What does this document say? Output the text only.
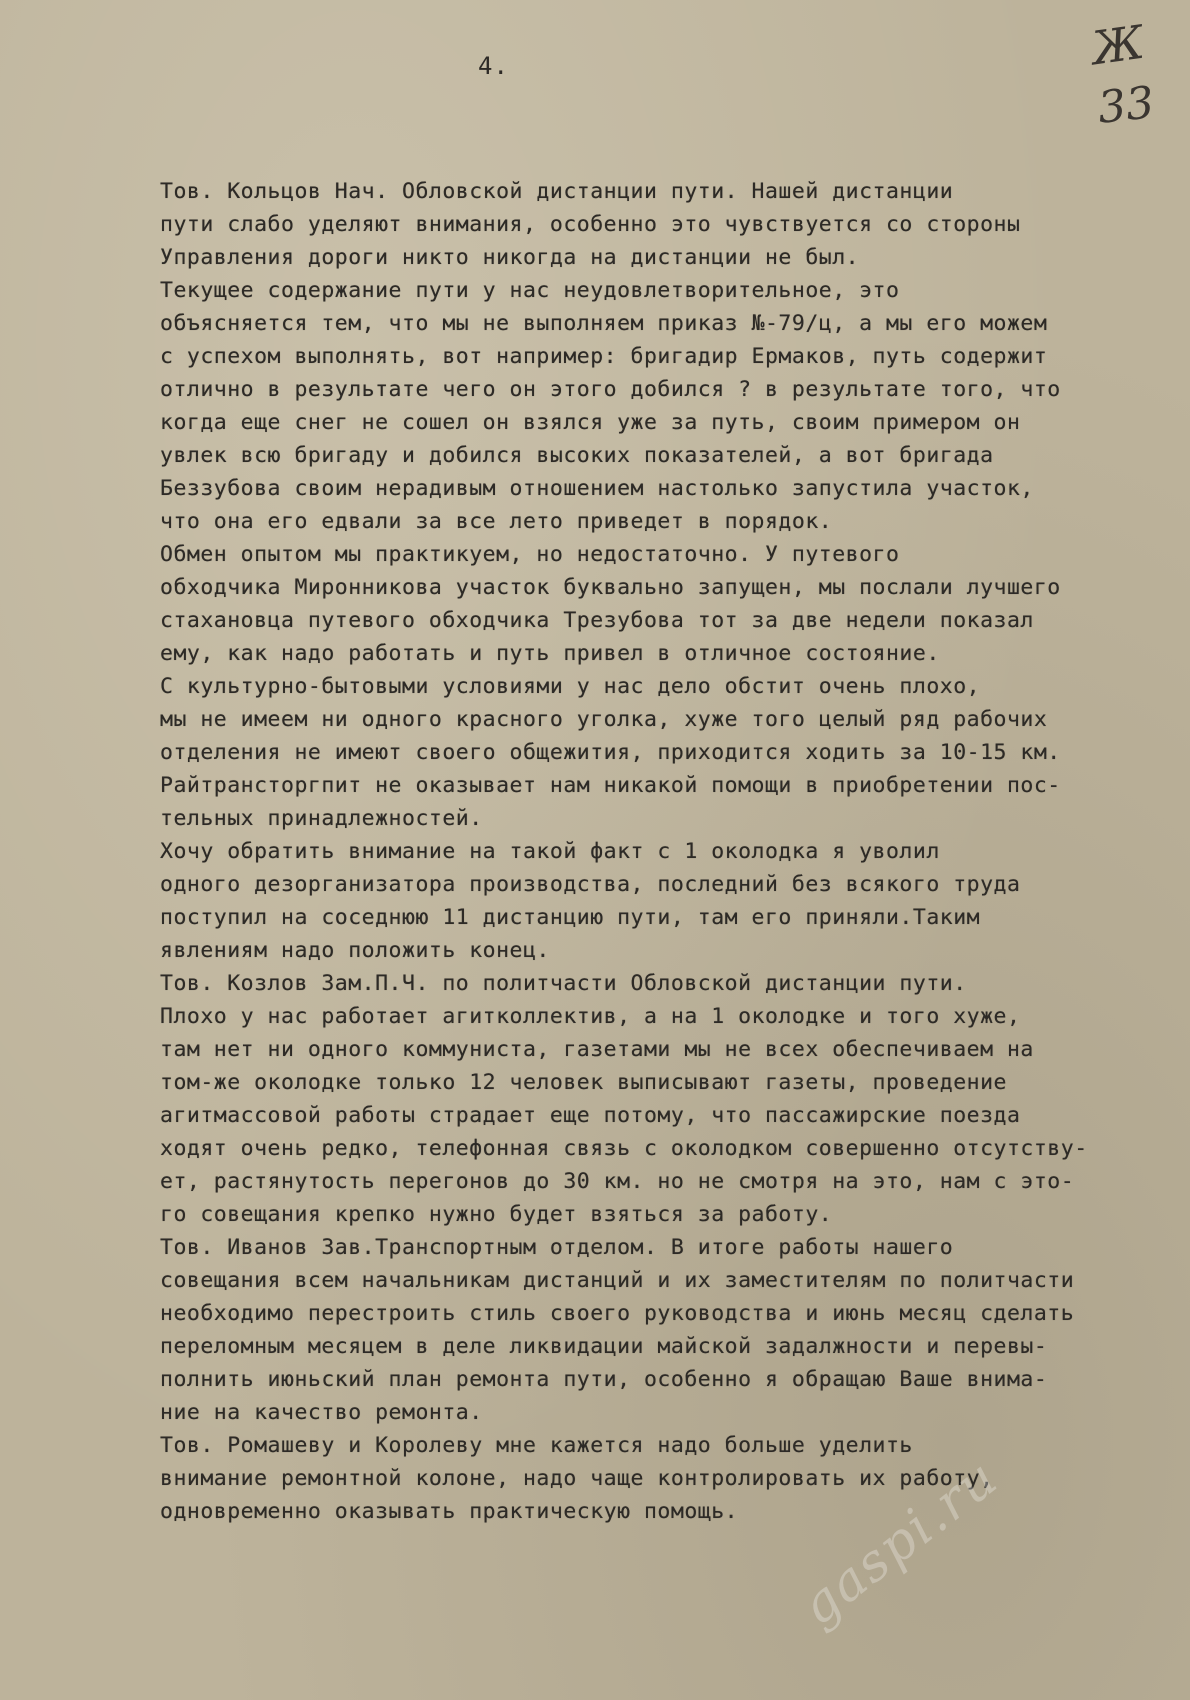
4.	Ж
33
Тов. Кольцов Нач. Обловской дистанции пути. Нашей дистанции
пути слабо уделяют внимания, особенно это чувствуется со стороны
Управления дороги никто никогда на дистанции не был.
Текущее содержание пути у нас неудовлетворительное, это
объясняется тем, что мы не выполняем приказ №-79/ц, а мы его можем
с успехом выполнять, вот например: бригадир Ермаков, путь содержит
отлично в результате чего он этого добился ? в результате того, что
когда еще снег не сошел он взялся уже за путь, своим примером он
увлек всю бригаду и добился высоких показателей, а вот бригада
Беззубова своим нерадивым отношением настолько запустила участок,
что она его едвали за все лето приведет в порядок.
Обмен опытом мы практикуем, но недостаточно. У путевого
обходчика Миронникова участок буквально запущен, мы послали лучшего
стахановца путевого обходчика Трезубова тот за две недели показал
ему, как надо работать и путь привел в отличное состояние.
С культурно-бытовыми условиями у нас дело обстит очень плохо,
мы не имеем ни одного красного уголка, хуже того целый ряд рабочих
отделения не имеют своего общежития, приходится ходить за 10-15 км.
Райтрансторгпит не оказывает нам никакой помощи в приобретении пос-
тельных принадлежностей.
Хочу обратить внимание на такой факт с 1 околодка я уволил
одного дезорганизатора производства, последний без всякого труда
поступил на соседнюю 11 дистанцию пути, там его приняли.Таким
явлениям надо положить конец.
Тов. Козлов Зам.П.Ч. по политчасти Обловской дистанции пути.
Плохо у нас работает агитколлектив, а на 1 околодке и того хуже,
там нет ни одного коммуниста, газетами мы не всех обеспечиваем на
том-же околодке только 12 человек выписывают газеты, проведение
агитмассовой работы страдает еще потому, что пассажирские поезда
ходят очень редко, телефонная связь с околодком совершенно отсутству-
ет, растянутость перегонов до 30 км. но не смотря на это, нам с это-
го совещания крепко нужно будет взяться за работу.
Тов. Иванов Зав.Транспортным отделом. В итоге работы нашего
совещания всем начальникам дистанций и их заместителям по политчасти
необходимо перестроить стиль своего руководства и июнь месяц сделать
переломным месяцем в деле ликвидации майской задалжности и перевы-
полнить июньский план ремонта пути, особенно я обращаю Ваше внима-
ние на качество ремонта.
Тов. Ромашеву и Королеву мне кажется надо больше уделить
внимание ремонтной колоне, надо чаще контролировать их работу,
одновременно оказывать практическую помощь. gaspi.ru
